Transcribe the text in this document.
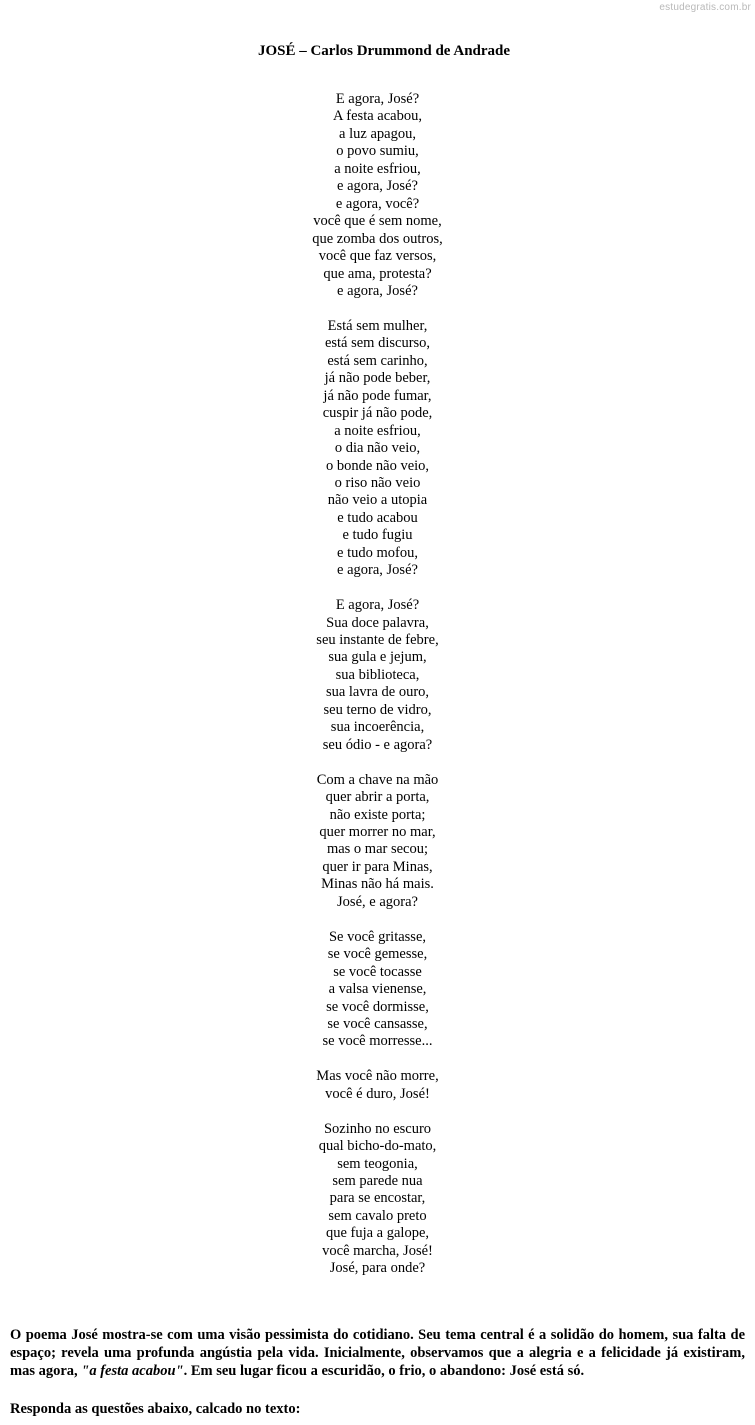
estudegratis.com.br
JOSÉ – Carlos Drummond de Andrade
E agora, José?
A festa acabou,
a luz apagou,
o povo sumiu,
a noite esfriou,
e agora, José?
e agora, você?
você que é sem nome,
que zomba dos outros,
você que faz versos,
que ama, protesta?
e agora, José?
Está sem mulher,
está sem discurso,
está sem carinho,
já não pode beber,
já não pode fumar,
cuspir já não pode,
a noite esfriou,
o dia não veio,
o bonde não veio,
o riso não veio
não veio a utopia
e tudo acabou
e tudo fugiu
e tudo mofou,
e agora, José?
E agora, José?
Sua doce palavra,
seu instante de febre,
sua gula e jejum,
sua biblioteca,
sua lavra de ouro,
seu terno de vidro,
sua incoerência,
seu ódio - e agora?
Com a chave na mão
quer abrir a porta,
não existe porta;
quer morrer no mar,
mas o mar secou;
quer ir para Minas,
Minas não há mais.
José, e agora?
Se você gritasse,
se você gemesse,
se você tocasse
a valsa vienense,
se você dormisse,
se você cansasse,
se você morresse...
Mas você não morre,
você é duro, José!
Sozinho no escuro
qual bicho-do-mato,
sem teogonia,
sem parede nua
para se encostar,
sem cavalo preto
que fuja a galope,
você marcha, José!
José, para onde?
O poema José mostra-se com uma visão pessimista do cotidiano. Seu tema central é a solidão do homem, sua falta de espaço; revela uma profunda angústia pela vida. Inicialmente, observamos que a alegria e a felicidade já existiram, mas agora, "a festa acabou". Em seu lugar ficou a escuridão, o frio, o abandono: José está só.
Responda as questões abaixo, calcado no texto:
